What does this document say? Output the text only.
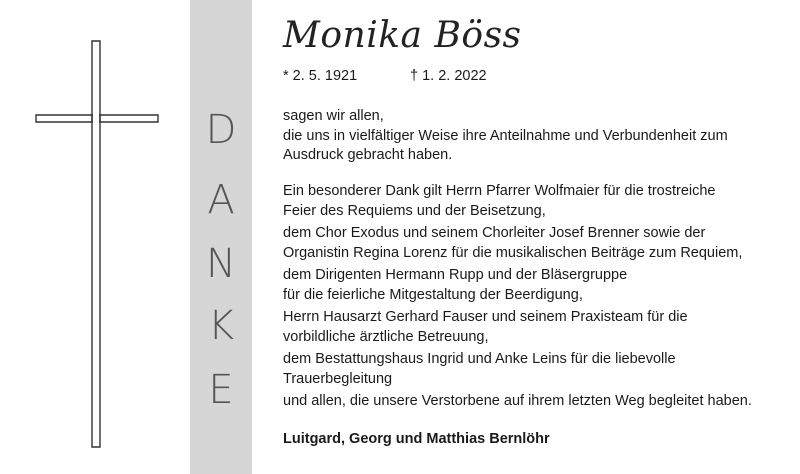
D
A
N
K
E
Monika Böss
* 2. 5. 1921	† 1. 2. 2022
sagen wir allen,
die uns in vielfältiger Weise ihre Anteilnahme und Verbundenheit zum
Ausdruck gebracht haben.
Ein besonderer Dank gilt Herrn Pfarrer Wolfmaier für die trostreiche
Feier des Requiems und der Beisetzung,
dem Chor Exodus und seinem Chorleiter Josef Brenner sowie der
Organistin Regina Lorenz für die musikalischen Beiträge zum Requiem,
dem Dirigenten Hermann Rupp und der Bläsergruppe
für die feierliche Mitgestaltung der Beerdigung,
Herrn Hausarzt Gerhard Fauser und seinem Praxisteam für die
vorbildliche ärztliche Betreuung,
dem Bestattungshaus Ingrid und Anke Leins für die liebevolle
Trauerbegleitung
und allen, die unsere Verstorbene auf ihrem letzten Weg begleitet haben.
Luitgard, Georg und Matthias Bernlöhr
